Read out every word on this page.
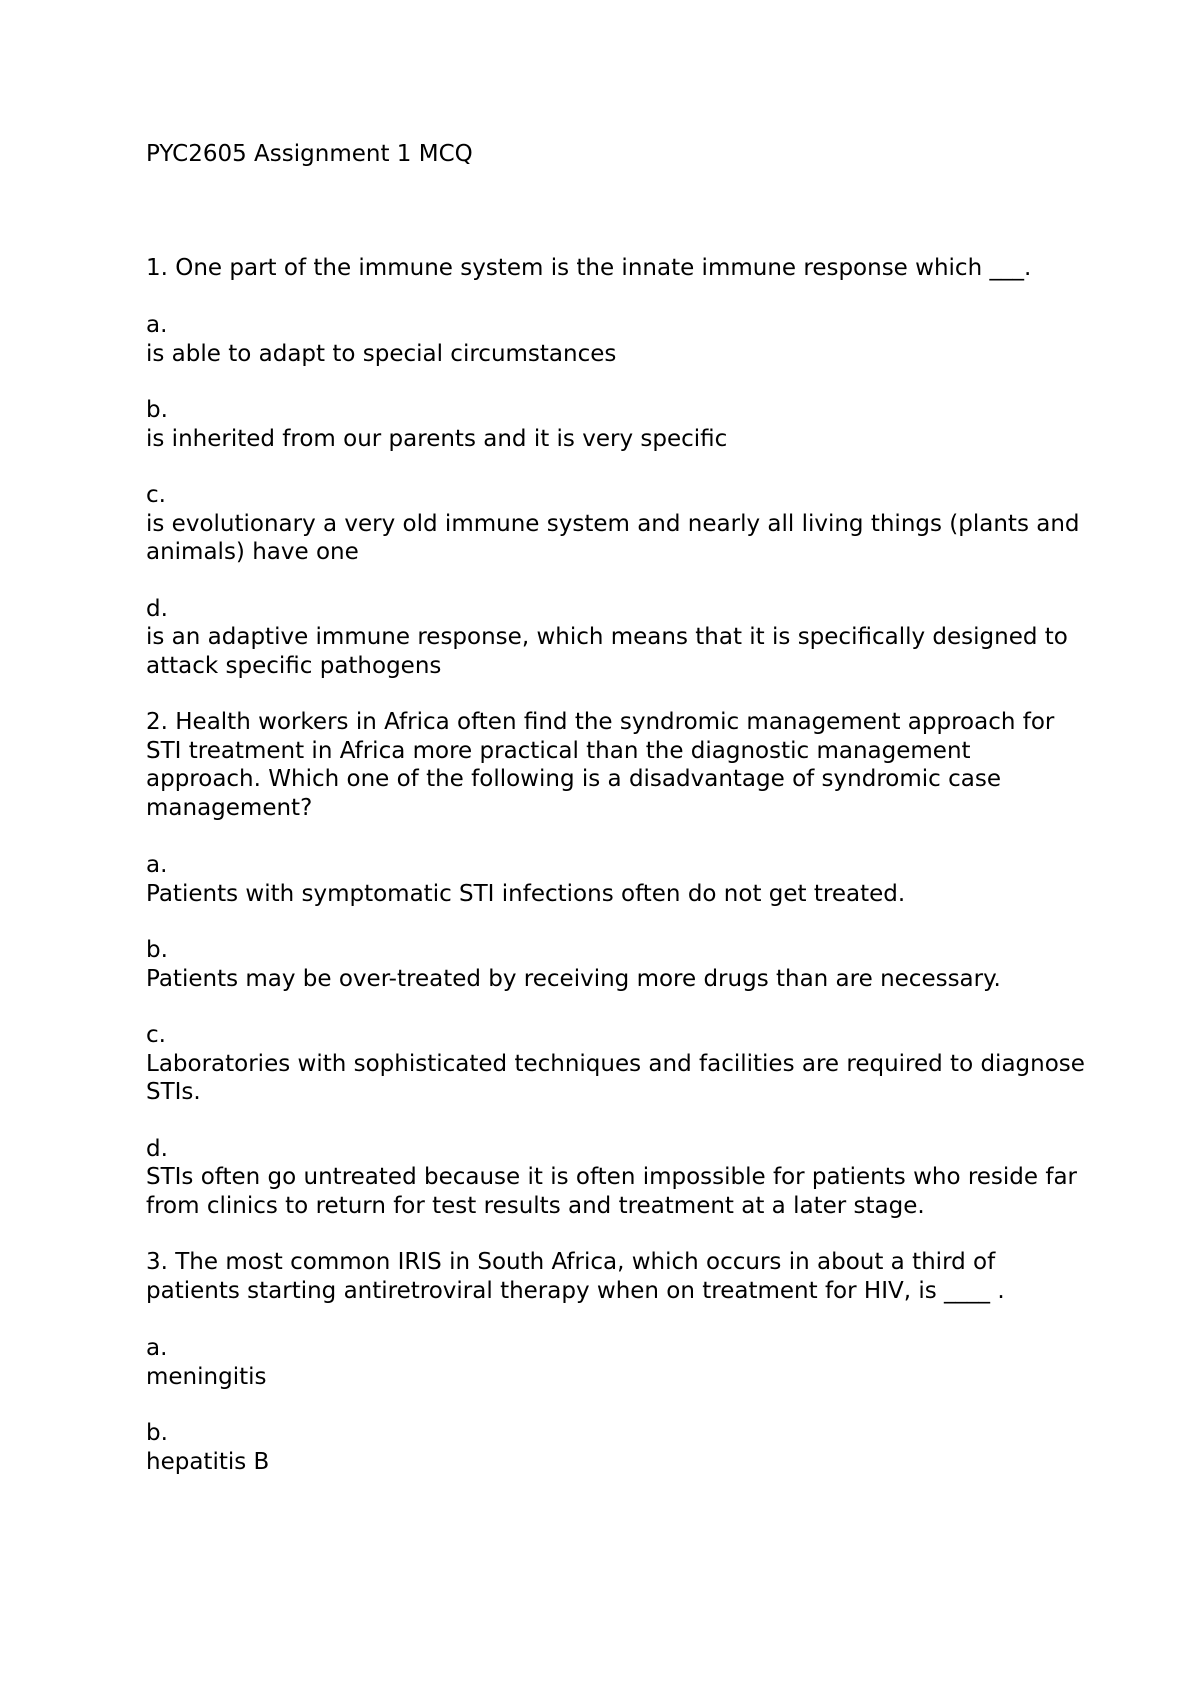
PYC2605 Assignment 1 MCQ

1. One part of the immune system is the innate immune response which ___.

a.
is able to adapt to special circumstances
b.
is inherited from our parents and it is very specific
c.
is evolutionary a very old immune system and nearly all living things (plants and animals) have one
d.
is an adaptive immune response, which means that it is specifically designed to attack specific pathogens

2. Health workers in Africa often find the syndromic management approach for STI treatment in Africa more practical than the diagnostic management approach. Which one of the following is a disadvantage of syndromic case management?

a.
Patients with symptomatic STI infections often do not get treated.
b.
Patients may be over-treated by receiving more drugs than are necessary.
c.
Laboratories with sophisticated techniques and facilities are required to diagnose STIs.
d.
STIs often go untreated because it is often impossible for patients who reside far from clinics to return for test results and treatment at a later stage.

3. The most common IRIS in South Africa, which occurs in about a third of patients starting antiretroviral therapy when on treatment for HIV, is ____ .

a.
meningitis
b.
hepatitis B
